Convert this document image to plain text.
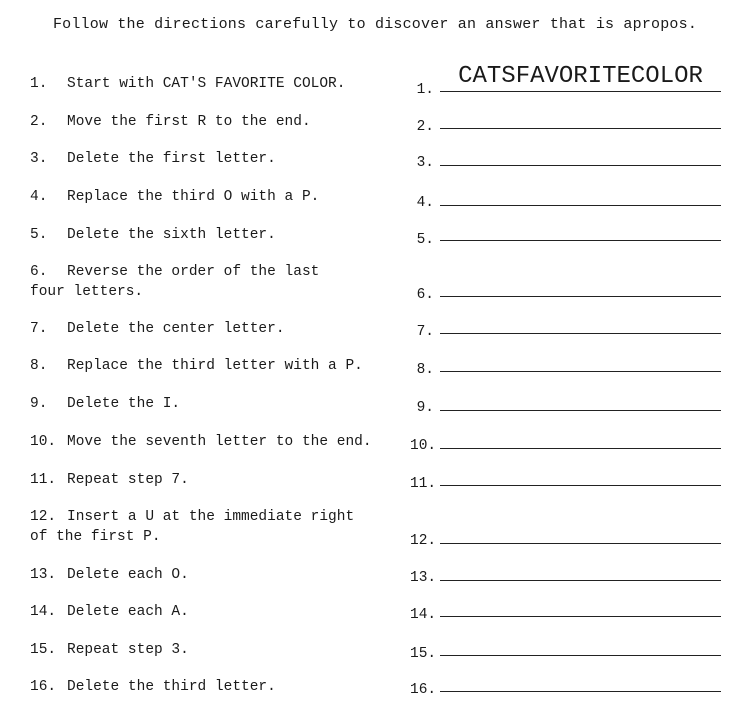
Follow the directions carefully to discover an answer that is apropos.
1. Start with CAT'S FAVORITE COLOR.
2. Move the first R to the end.
3. Delete the first letter.
4. Replace the third O with a P.
5. Delete the sixth letter.
6. Reverse the order of the last
four letters.
7. Delete the center letter.
8. Replace the third letter with a P.
9. Delete the I.
10. Move the seventh letter to the end.
11. Repeat step 7.
12. Insert a U at the immediate right
of the first P.
13. Delete each O.
14. Delete each A.
15. Repeat step 3.
16. Delete the third letter.
1.	CATSFAVORITECOLOR
2.
3.
4.
5.
6.
7.
8.
9.
10.
11.
12.
13.
14.
15.
16.
